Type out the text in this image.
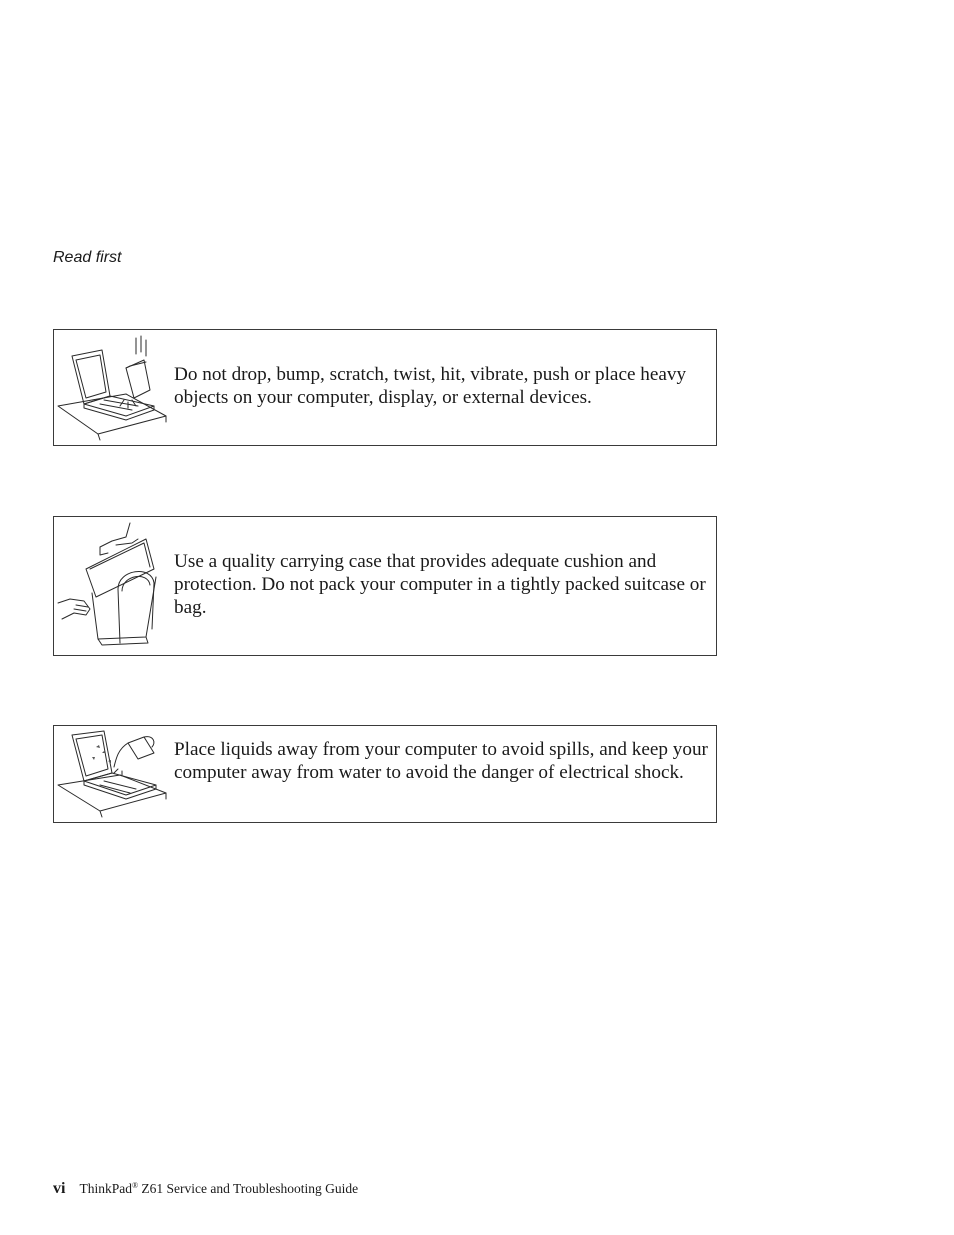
Read first
Do not drop, bump, scratch, twist, hit, vibrate, push or place heavy objects on your computer, display, or external devices.
Use a quality carrying case that provides adequate cushion and protection. Do not pack your computer in a tightly packed suitcase or bag.
Place liquids away from your computer to avoid spills, and keep your computer away from water to avoid the danger of electrical shock.
vi ThinkPad® Z61 Service and Troubleshooting Guide
